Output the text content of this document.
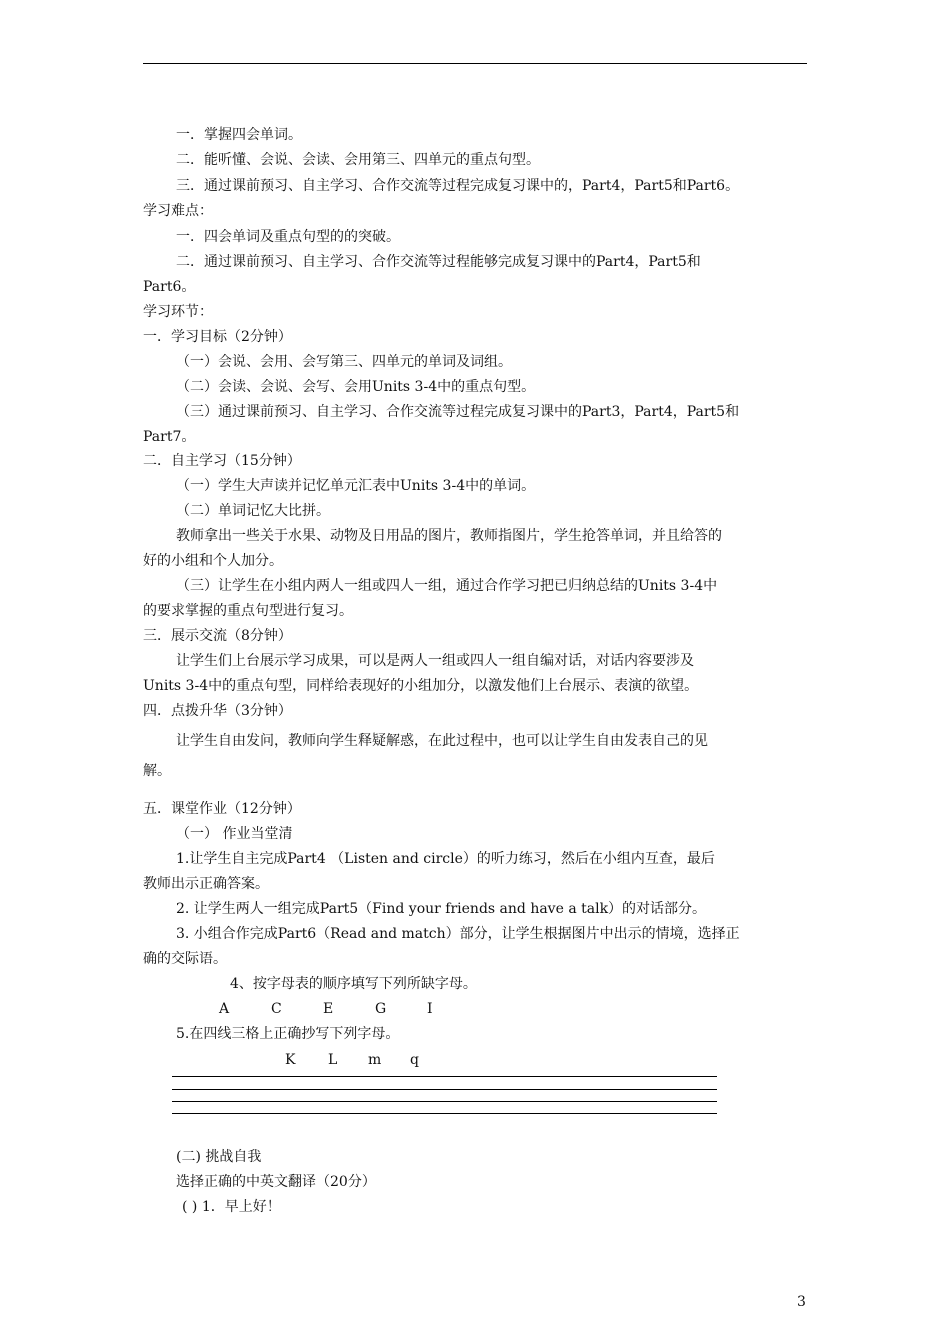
一．掌握四会单词。
二．能听懂、会说、会读、会用第三、四单元的重点句型。
三．通过课前预习、自主学习、合作交流等过程完成复习课中的，Part4，Part5和Part6。
学习难点：
一．四会单词及重点句型的的突破。
二．通过课前预习、自主学习、合作交流等过程能够完成复习课中的Part4，Part5和
Part6。
学习环节：
一．学习目标（2分钟）
（一）会说、会用、会写第三、四单元的单词及词组。
（二）会读、会说、会写、会用Units 3-4中的重点句型。
（三）通过课前预习、自主学习、合作交流等过程完成复习课中的Part3，Part4，Part5和
Part7。
二．自主学习（15分钟）
（一）学生大声读并记忆单元汇表中Units 3-4中的单词。
（二）单词记忆大比拼。
教师拿出一些关于水果、动物及日用品的图片，教师指图片，学生抢答单词，并且给答的
好的小组和个人加分。
（三）让学生在小组内两人一组或四人一组，通过合作学习把已归纳总结的Units 3-4中
的要求掌握的重点句型进行复习。
三．展示交流（8分钟）
让学生们上台展示学习成果，可以是两人一组或四人一组自编对话，对话内容要涉及
Units 3-4中的重点句型，同样给表现好的小组加分，以激发他们上台展示、表演的欲望。
四．点拨升华（3分钟）
让学生自由发问，教师向学生释疑解惑，在此过程中，也可以让学生自由发表自己的见
解。
五．课堂作业（12分钟）
（一） 作业当堂清
1.让学生自主完成Part4 （Listen and circle）的听力练习，然后在小组内互查，最后
教师出示正确答案。
2. 让学生两人一组完成Part5（Find your friends and have a talk）的对话部分。
3. 小组合作完成Part6（Read and match）部分，让学生根据图片中出示的情境，选择正
确的交际语。
4、按字母表的顺序填写下列所缺字母。
A	C	E	G	I
5.在四线三格上正确抄写下列字母。
K L m q
(二) 挑战自我
选择正确的中英文翻译（20分）
( ) 1．早上好！
3
